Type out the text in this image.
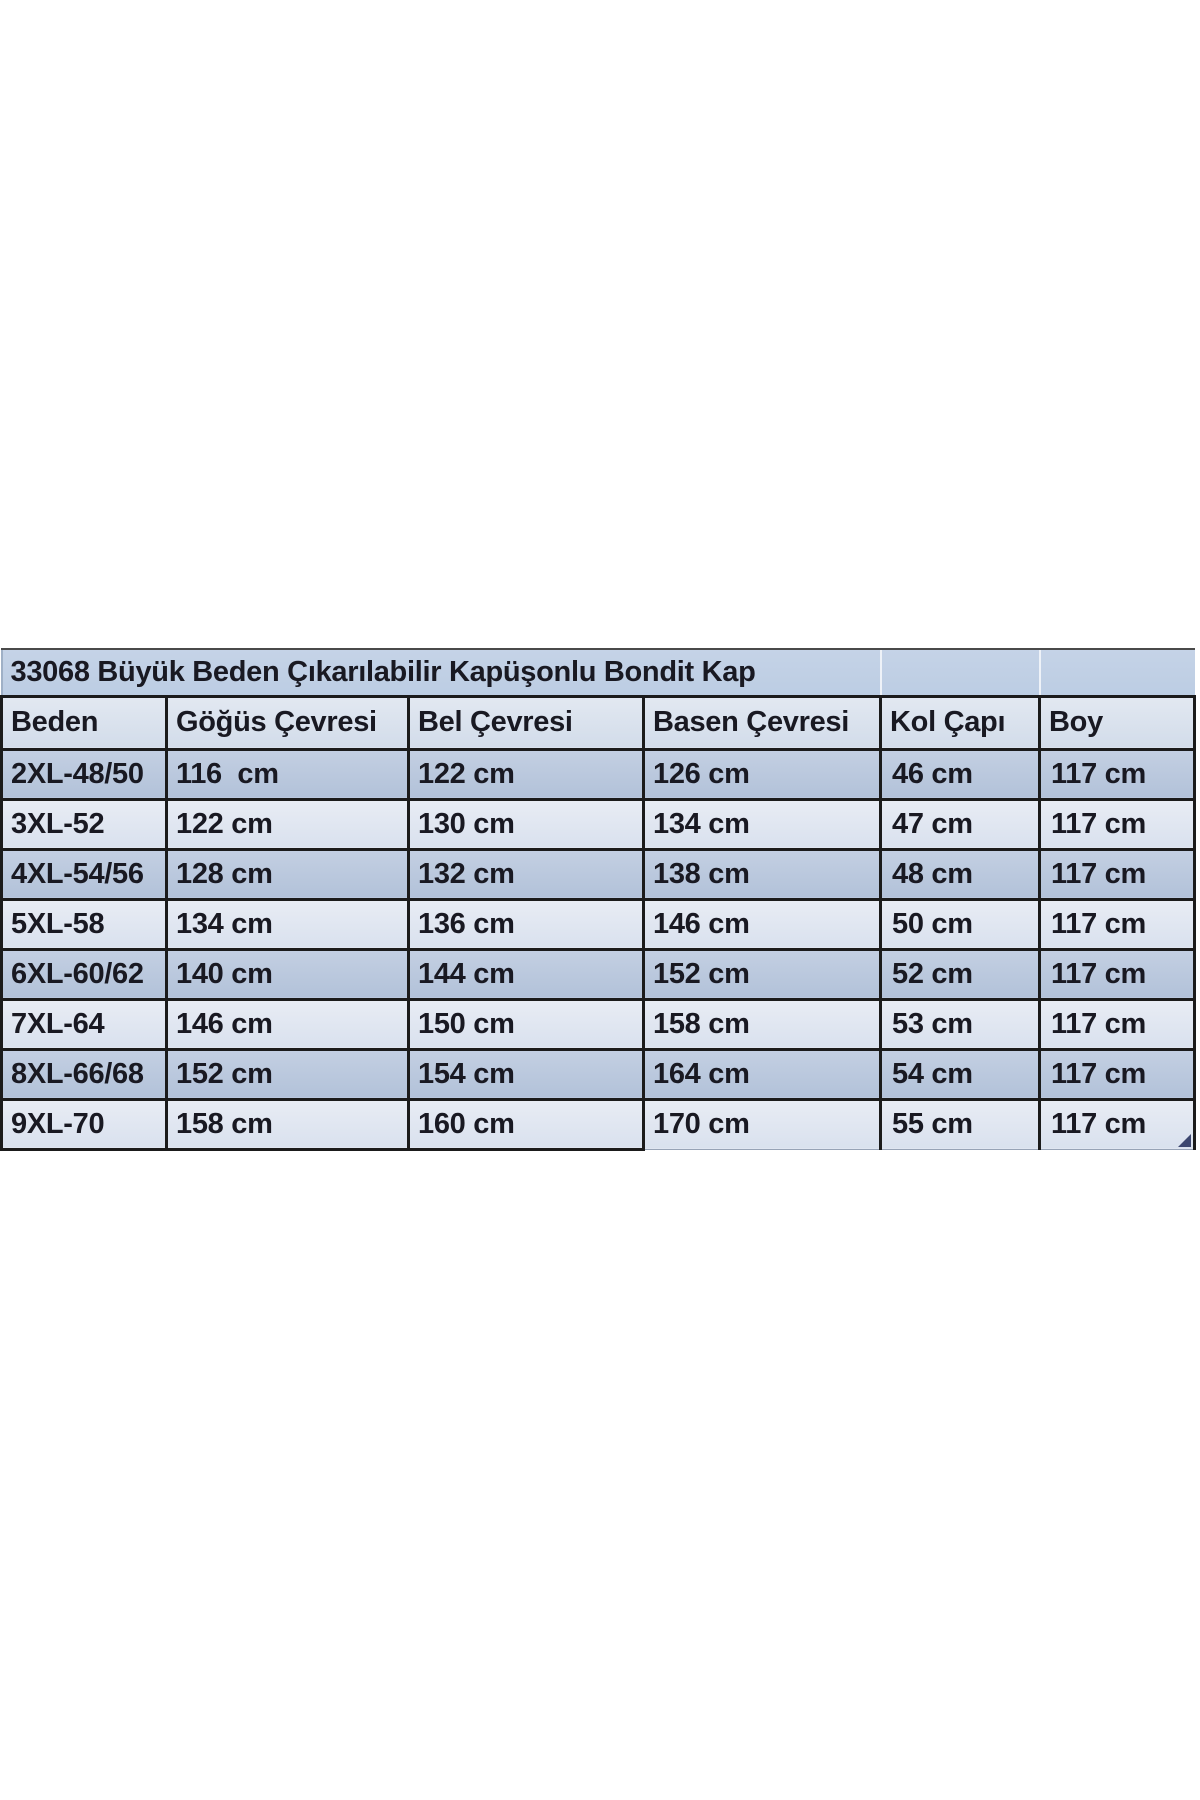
33068 Büyük Beden Çıkarılabilir Kapüşonlu Bondit Kap					
Beden	Göğüs Çevresi	Bel Çevresi	Basen Çevresi	Kol Çapı	Boy
2XL-48/50	116  cm	122 cm	126 cm	46 cm	117 cm
3XL-52	122 cm	130 cm	134 cm	47 cm	117 cm
4XL-54/56	128 cm	132 cm	138 cm	48 cm	117 cm
5XL-58	134 cm	136 cm	146 cm	50 cm	117 cm
6XL-60/62	140 cm	144 cm	152 cm	52 cm	117 cm
7XL-64	146 cm	150 cm	158 cm	53 cm	117 cm
8XL-66/68	152 cm	154 cm	164 cm	54 cm	117 cm
9XL-70	158 cm	160 cm	170 cm	55 cm	117 cm
